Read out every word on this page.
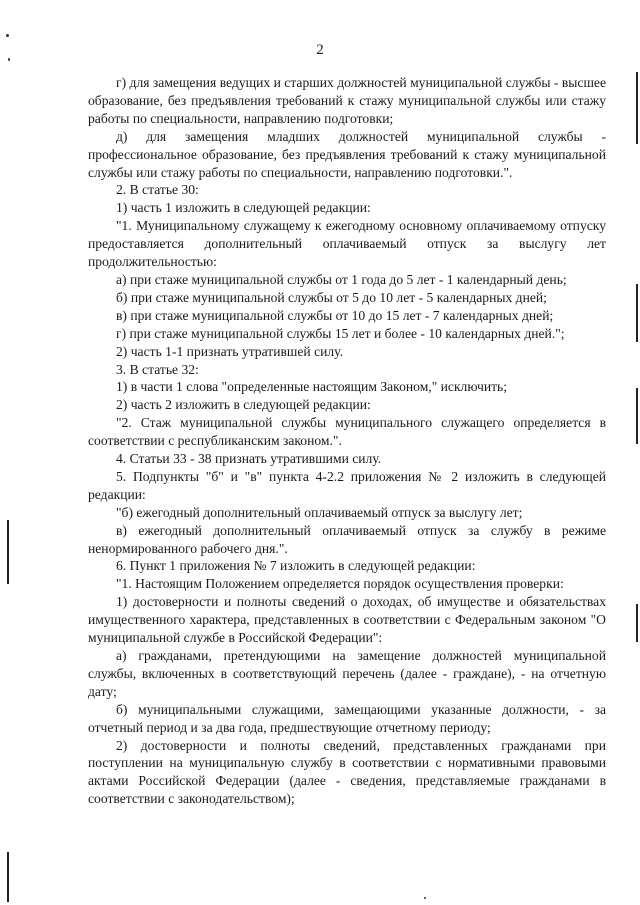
2

г) для замещения ведущих и старших должностей муниципальной службы - высшее образование, без предъявления требований к стажу муниципальной службы или стажу работы по специальности, направлению подготовки;

д) для замещения младших должностей муниципальной службы - профессиональное образование, без предъявления требований к стажу муниципальной службы или стажу работы по специальности, направлению подготовки.".

2. В статье 30:

1) часть 1 изложить в следующей редакции:

"1. Муниципальному служащему к ежегодному основному оплачиваемому отпуску предоставляется дополнительный оплачиваемый отпуск за выслугу лет продолжительностью:

а) при стаже муниципальной службы от 1 года до 5 лет - 1 календарный день;

б) при стаже муниципальной службы от 5 до 10 лет - 5 календарных дней;

в) при стаже муниципальной службы от 10 до 15 лет - 7 календарных дней;

г) при стаже муниципальной службы 15 лет и более - 10 календарных дней.";

2) часть 1-1 признать утратившей силу.

3. В статье 32:

1) в части 1 слова "определенные настоящим Законом," исключить;

2) часть 2 изложить в следующей редакции:

"2. Стаж муниципальной службы муниципального служащего определяется в соответствии с республиканским законом.".

4. Статьи 33 - 38 признать утратившими силу.

5. Подпункты "б" и "в" пункта 4-2.2 приложения № 2 изложить в следующей редакции:

"б) ежегодный дополнительный оплачиваемый отпуск за выслугу лет;

в) ежегодный дополнительный оплачиваемый отпуск за службу в режиме ненормированного рабочего дня.".

6. Пункт 1 приложения № 7 изложить в следующей редакции:

"1. Настоящим Положением определяется порядок осуществления проверки:

1) достоверности и полноты сведений о доходах, об имуществе и обязательствах имущественного характера, представленных в соответствии с Федеральным законом "О муниципальной службе в Российской Федерации":

а) гражданами, претендующими на замещение должностей муниципальной службы, включенных в соответствующий перечень (далее - граждане), - на отчетную дату;

б) муниципальными служащими, замещающими указанные должности, - за отчетный период и за два года, предшествующие отчетному периоду;

2) достоверности и полноты сведений, представленных гражданами при поступлении на муниципальную службу в соответствии с нормативными правовыми актами Российской Федерации (далее - сведения, представляемые гражданами в соответствии с законодательством);
